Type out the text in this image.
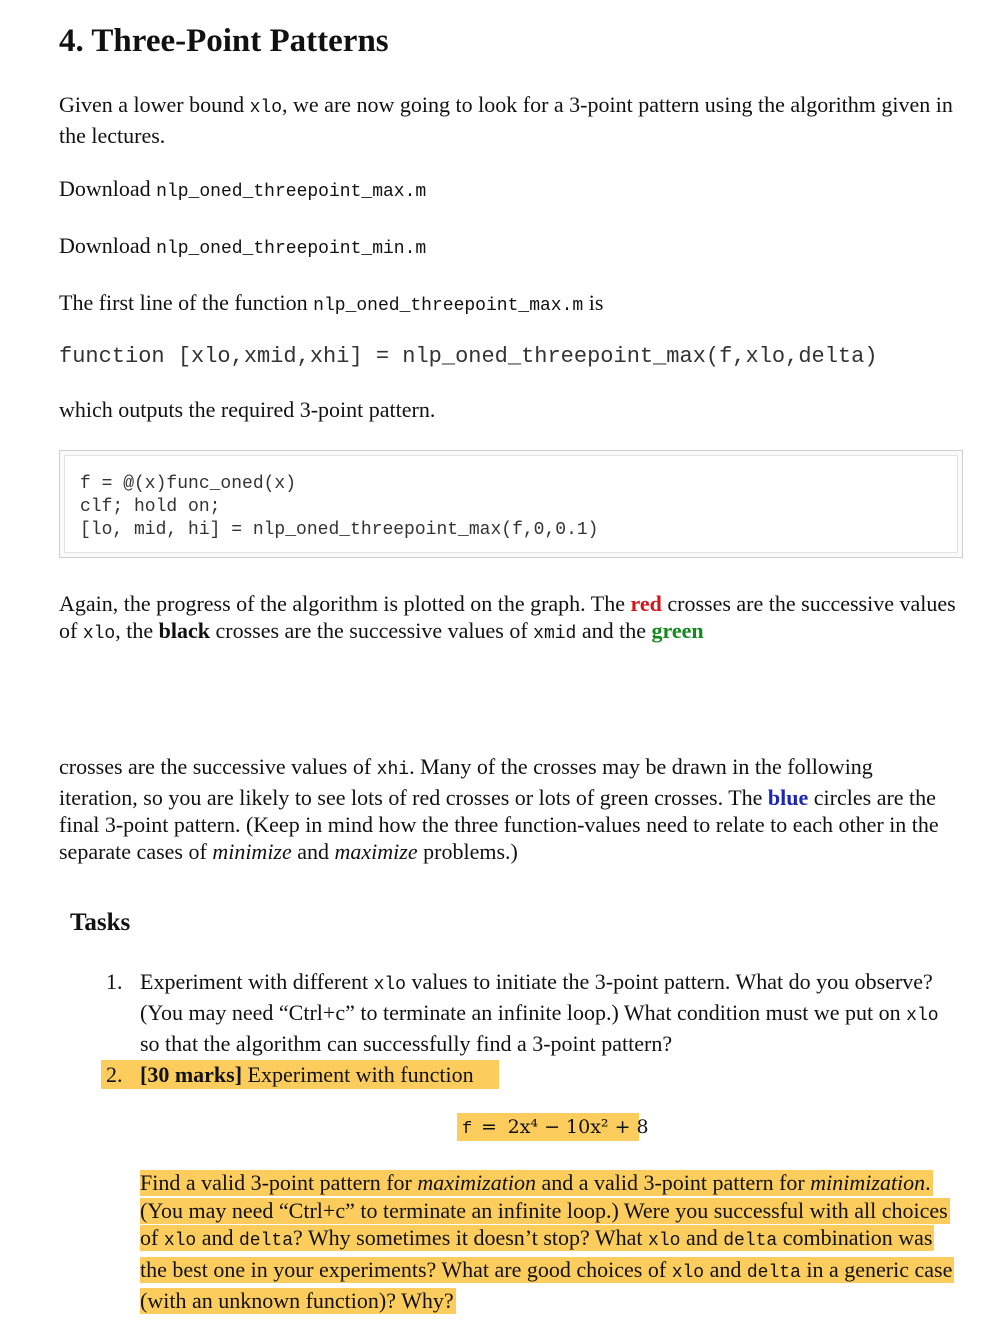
4. Three-Point Patterns
Given a lower bound xlo, we are now going to look for a 3-point pattern using the algorithm given in the lectures.
Download nlp_oned_threepoint_max.m
Download nlp_oned_threepoint_min.m
The first line of the function nlp_oned_threepoint_max.m is
function [xlo,xmid,xhi] = nlp_oned_threepoint_max(f,xlo,delta)
which outputs the required 3-point pattern.
f = @(x)func_oned(x)
clf; hold on;
[lo, mid, hi] = nlp_oned_threepoint_max(f,0,0.1)
Again, the progress of the algorithm is plotted on the graph. The red crosses are the successive values of xlo, the black crosses are the successive values of xmid and the green
crosses are the successive values of xhi. Many of the crosses may be drawn in the following iteration, so you are likely to see lots of red crosses or lots of green crosses. The blue circles are the final 3-point pattern. (Keep in mind how the three function-values need to relate to each other in the separate cases of minimize and maximize problems.)
Tasks
1. Experiment with different xlo values to initiate the 3-point pattern. What do you observe? (You may need “Ctrl+c” to terminate an infinite loop.) What condition must we put on xlo so that the algorithm can successfully find a 3-point pattern?
2. [30 marks] Experiment with function
f = 2x⁴ − 10x² + 8
Find a valid 3-point pattern for maximization and a valid 3-point pattern for minimization. (You may need “Ctrl+c” to terminate an infinite loop.) Were you successful with all choices of xlo and delta? Why sometimes it doesn’t stop? What xlo and delta combination was the best one in your experiments? What are good choices of xlo and delta in a generic case (with an unknown function)? Why?
